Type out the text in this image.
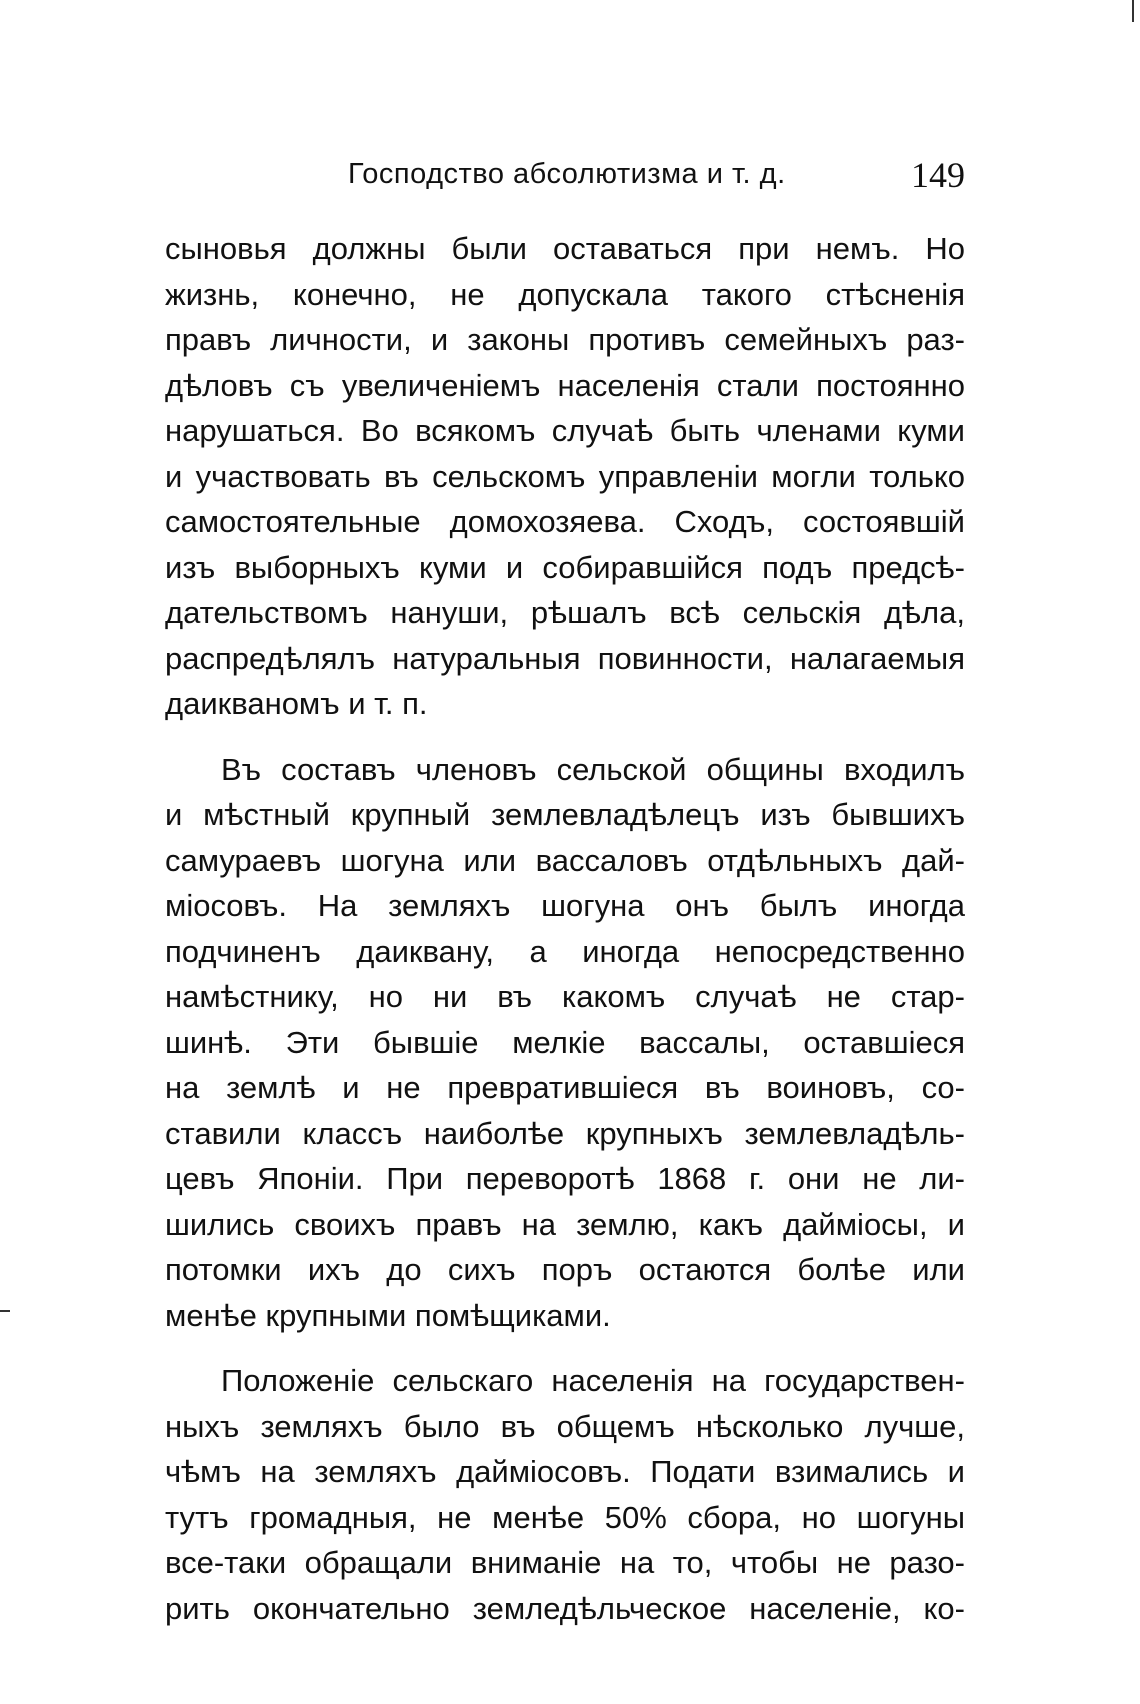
Господство абсолютизма и т. д.	149
сыновья должны были оставаться при немъ. Но
жизнь, конечно, не допускала такого стѣсненія
правъ личности, и законы противъ семейныхъ раз-
дѣловъ съ увеличеніемъ населенія стали постоянно
нарушаться. Во всякомъ случаѣ быть членами куми
и участвовать въ сельскомъ управленіи могли только
самостоятельные домохозяева. Сходъ, состоявшій
изъ выборныхъ куми и собиравшійся подъ предсѣ-
дательствомъ нануши, рѣшалъ всѣ сельскія дѣла,
распредѣлялъ натуральныя повинности, налагаемыя
даикваномъ и т. п.
Въ составъ членовъ сельской общины входилъ
и мѣстный крупный землевладѣлецъ изъ бывшихъ
самураевъ шогуна или вассаловъ отдѣльныхъ дай-
міосовъ. На земляхъ шогуна онъ былъ иногда
подчиненъ даиквану, а иногда непосредственно
намѣстнику, но ни въ какомъ случаѣ не стар-
шинѣ. Эти бывшіе мелкіе вассалы, оставшіеся
на землѣ и не превратившіеся въ воиновъ, со-
ставили классъ наиболѣе крупныхъ землевладѣль-
цевъ Японіи. При переворотѣ 1868 г. они не ли-
шились своихъ правъ на землю, какъ даймiосы, и
потомки ихъ до сихъ поръ остаются болѣе или
менѣе крупными помѣщиками.
Положеніе сельскаго населенія на государствен-
ныхъ земляхъ было въ общемъ нѣсколько лучше,
чѣмъ на земляхъ даймiосовъ. Подати взимались и
тутъ громадныя, не менѣе 50% сбора, но шогуны
все-таки обращали вниманіе на то, чтобы не разо-
рить окончательно земледѣльческое населеніе, ко-
